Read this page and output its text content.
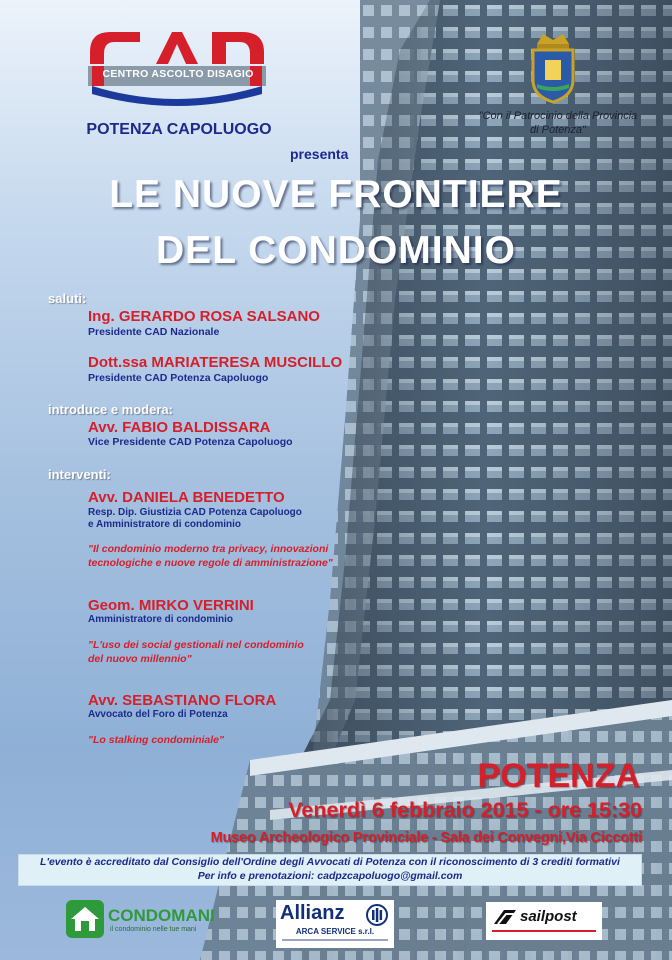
CENTRO ASCOLTO DISAGIO
POTENZA CAPOLUOGO
"Con il Patrocinio della Provincia di Potenza"
presenta
LE NUOVE FRONTIERE
DEL CONDOMINIO
saluti:
Ing. GERARDO ROSA SALSANO
Presidente CAD Nazionale
Dott.ssa MARIATERESA MUSCILLO
Presidente CAD Potenza Capoluogo
introduce e modera:
Avv. FABIO BALDISSARA
Vice Presidente CAD Potenza Capoluogo
interventi:
Avv. DANIELA BENEDETTO
Resp. Dip. Giustizia CAD Potenza Capoluogo
e Amministratore di condominio
"Il condominio moderno tra privacy, innovazioni
tecnologiche e nuove regole di amministrazione"
Geom. MIRKO VERRINI
Amministratore di condominio
"L'uso dei social gestionali nel condominio
del nuovo millennio"
Avv. SEBASTIANO FLORA
Avvocato del Foro di Potenza
"Lo stalking condominiale"
POTENZA
Venerdì 6 febbraio 2015 - ore 15:30
Museo Archeologico Provinciale - Sala dei Convegni,Via Ciccotti
L'evento è accreditato dal Consiglio dell'Ordine degli Avvocati di Potenza con il riconoscimento di 3 crediti formativi
Per info e prenotazioni: cadpzcapoluogo@gmail.com
CONDOMANI
il condominio nelle tue mani
Allianz
ARCA SERVICE s.r.l.
sailpost
